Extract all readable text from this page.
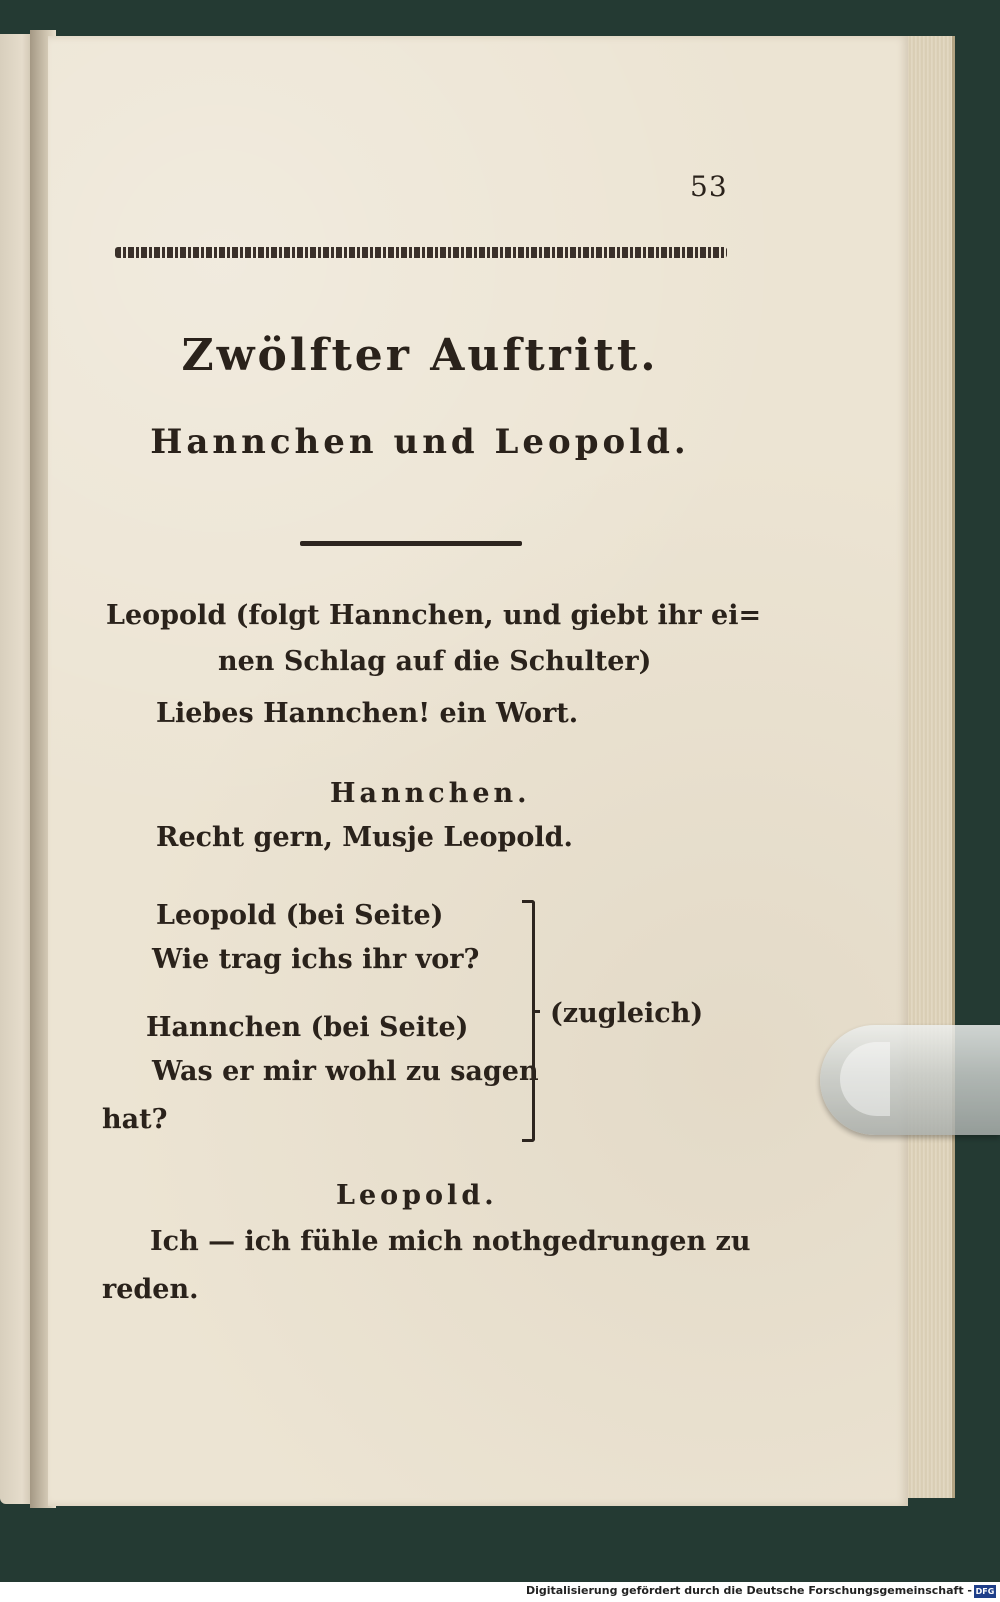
53
Zwölfter Auftritt.
Hannchen und Leopold.
Leopold (folgt Hannchen, und giebt ihr ei=
nen Schlag auf die Schulter)
Liebes Hannchen! ein Wort.
Hannchen.
Recht gern, Musje Leopold.
Leopold (bei Seite)
Wie trag ichs ihr vor?
Hannchen (bei Seite)
Was er mir wohl zu sagen
hat?
(zugleich)
Leopold.
Ich — ich fühle mich nothgedrungen zu
reden.
Digitalisierung gefördert durch die Deutsche Forschungsgemeinschaft - DFG
